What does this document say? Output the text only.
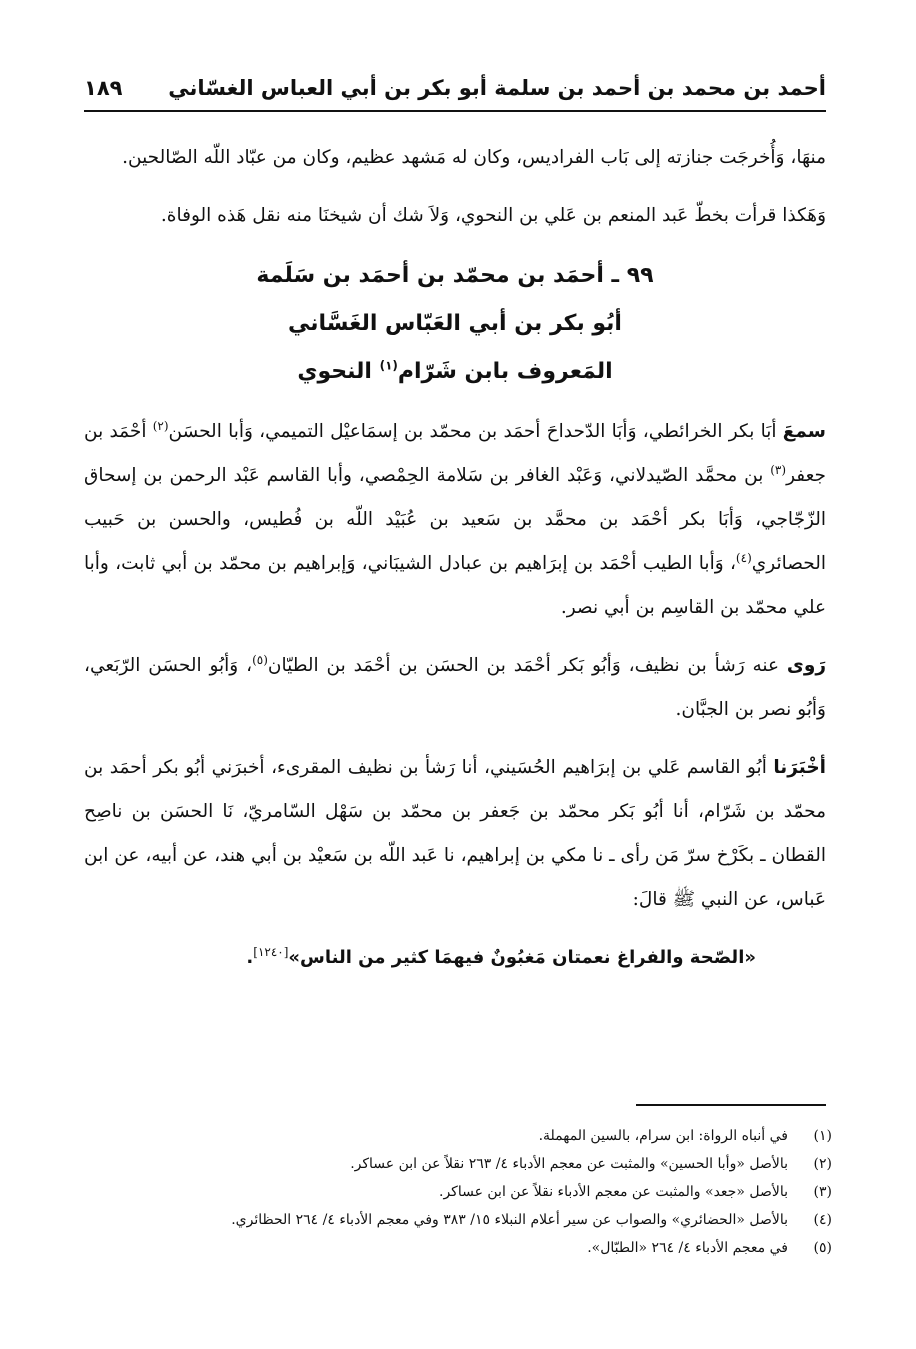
أحمد بن محمد بن أحمد بن سلمة أبو بكر بن أبي العباس الغسّاني
١٨٩

منهَا، وَأُخرجَت جنازته إلى بَاب الفراديس، وكان له مَشهد عظيم، وكان من عبّاد اللّه الصّالحين.

وَهَكذا قرأت بخطّ عَبد المنعم بن عَلي بن النحوي، وَلاَ شك أن شيخنَا منه نقل هَذه الوفاة.

٩٩ ـ أحمَد بن محمّد بن أحمَد بن سَلَمة
أبُو بكر بن أبي العَبّاس الغَسَّاني
المَعروف بابن شَرّام$^{(١)}$ النحوي

سمعَ أبَا بكر الخرائطي، وَأبَا الدّحداحَ أحمَد بن محمّد بن إسمَاعيْل التميمي، وَأبا الحسَن$^{(٢)}$ أحْمَد بن جعفر$^{(٣)}$ بن محمَّد الصّيدلاني، وَعَبْد الغافر بن سَلامة الحِمْصي، وأبا القاسم عَبْد الرحمن بن إسحاق الزّجّاجي، وَأبَا بكر أحْمَد بن محمَّد بن سَعيد بن عُبَيْد اللّه بن فُطيس، والحسن بن حَبيب الحصائري$^{(٤)}$، وَأبا الطيب أحْمَد بن إبرَاهيم بن عبادل الشيبَاني، وَإبراهيم بن محمّد بن أبي ثابت، وأبا علي محمّد بن القاسِم بن أبي نصر.

رَوى عنه رَشأ بن نظيف، وَأبُو بَكر أحْمَد بن الحسَن بن أحْمَد بن الطيّان$^{(٥)}$، وَأبُو الحسَن الرّبَعي، وَأبُو نصر بن الجبَّان.

أخْبَرَنا أبُو القاسم عَلي بن إبرَاهيم الحُسَيني، أنا رَشأ بن نظيف المقرىء، أخبرَني أبُو بكر أحمَد بن محمّد بن شَرّام، أنا أبُو بَكر محمّد بن جَعفر بن محمّد بن سَهْل السّامريّ، نَا الحسَن بن ناصِح القطان ـ بكَرْخ سرّ مَن رأى ـ نا مكي بن إبراهيم، نا عَبد اللّه بن سَعيْد بن أبي هند، عن أبيه، عن ابن عَباس، عن النبي ﷺ قالَ:

«الصّحة والفراغ نعمتان مَغبُونٌ فيهمَا كثير من الناس»[١٢٤٠].

(١)
في أنباه الرواة: ابن سرام، بالسين المهملة.
(٢)
بالأصل «وأبا الحسين» والمثبت عن معجم الأدباء ٤/ ٢٦٣ نقلاً عن ابن عساكر.
(٣)
بالأصل «جعد» والمثبت عن معجم الأدباء نقلاً عن ابن عساكر.
(٤)
بالأصل «الحضائري» والصواب عن سير أعلام النبلاء ١٥/ ٣٨٣ وفي معجم الأدباء ٤/ ٢٦٤ الحظائري.
(٥)
في معجم الأدباء ٤/ ٢٦٤ «الطبّال».
